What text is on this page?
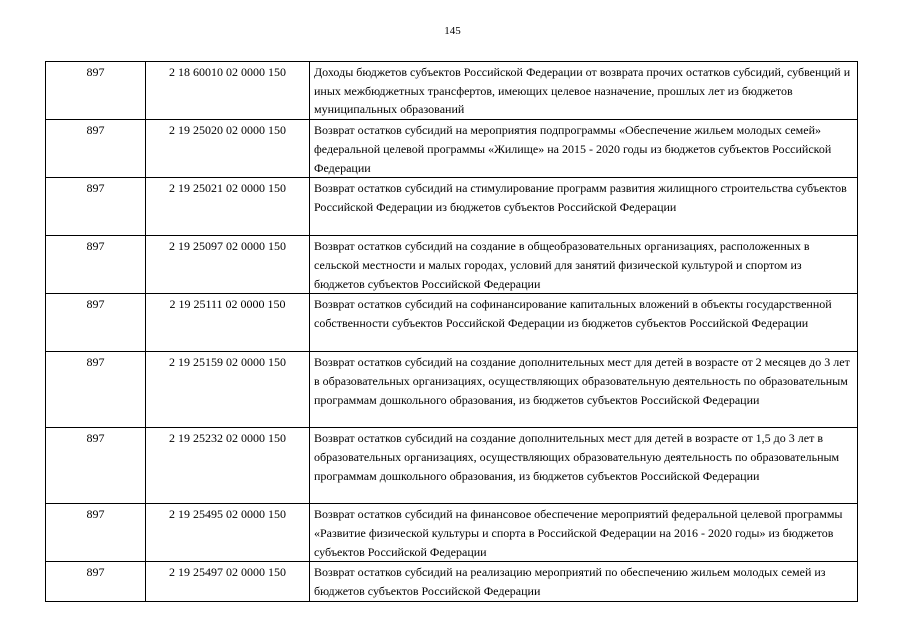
145
897	2 18 60010 02 0000 150	Доходы бюджетов субъектов Российской Федерации от возврата прочих остатков субсидий, субвенций и иных межбюджетных трансфертов, имеющих целевое назначение, прошлых лет из бюджетов муниципальных образований
897	2 19 25020 02 0000 150	Возврат остатков субсидий на мероприятия подпрограммы «Обеспечение жильем молодых семей» федеральной целевой программы «Жилище» на 2015 - 2020 годы из бюджетов субъектов Российской Федерации
897	2 19 25021 02 0000 150	Возврат остатков субсидий на стимулирование программ развития жилищного строительства субъектов Российской Федерации из бюджетов субъектов Российской Федерации
897	2 19 25097 02 0000 150	Возврат остатков субсидий на создание в общеобразовательных организациях, расположенных в сельской местности и малых городах, условий для занятий физической культурой и спортом из бюджетов субъектов Российской Федерации
897	2 19 25111 02 0000 150	Возврат остатков субсидий на софинансирование капитальных вложений в объекты государственной собственности субъектов Российской Федерации из бюджетов субъектов Российской Федерации
897	2 19 25159 02 0000 150	Возврат остатков субсидий на создание дополнительных мест для детей в возрасте от 2 месяцев до 3 лет в образовательных организациях, осуществляющих образовательную деятельность по образовательным программам дошкольного образования, из бюджетов субъектов Российской Федерации
897	2 19 25232 02 0000 150	Возврат остатков субсидий на создание дополнительных мест для детей в возрасте от 1,5 до 3 лет в образовательных организациях, осуществляющих образовательную деятельность по образовательным программам дошкольного образования, из бюджетов субъектов Российской Федерации
897	2 19 25495 02 0000 150	Возврат остатков субсидий на финансовое обеспечение мероприятий федеральной целевой программы «Развитие физической культуры и спорта в Российской Федерации на 2016 - 2020 годы» из бюджетов субъектов Российской Федерации
897	2 19 25497 02 0000 150	Возврат остатков субсидий на реализацию мероприятий по обеспечению жильем молодых семей из бюджетов субъектов Российской Федерации
